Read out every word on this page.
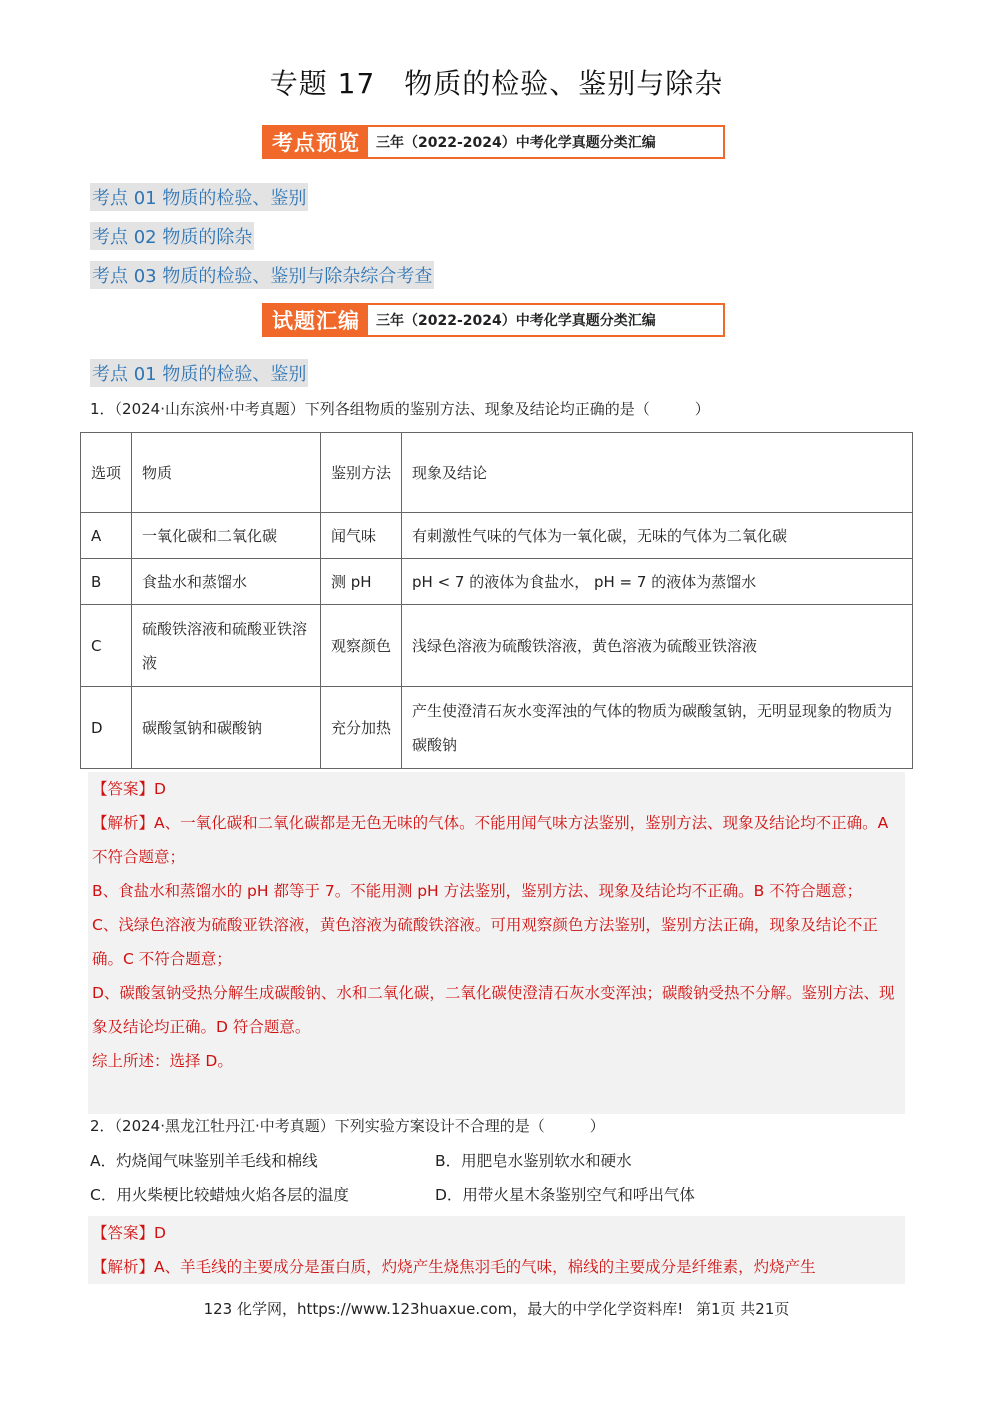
专题 17　物质的检验、鉴别与除杂
考点预览	三年（2022-2024）中考化学真题分类汇编
考点 01 物质的检验、鉴别
考点 02 物质的除杂
考点 03 物质的检验、鉴别与除杂综合考查
试题汇编	三年（2022-2024）中考化学真题分类汇编
考点 01 物质的检验、鉴别
1．（2024·山东滨州·中考真题）下列各组物质的鉴别方法、现象及结论均正确的是（　　　）
选项	物质	鉴别方法	现象及结论
A	一氧化碳和二氧化碳	闻气味	有刺激性气味的气体为一氧化碳，无味的气体为二氧化碳
B	食盐水和蒸馏水	测 pH	pH < 7 的液体为食盐水， pH = 7 的液体为蒸馏水
C	硫酸铁溶液和硫酸亚铁溶液	观察颜色	浅绿色溶液为硫酸铁溶液，黄色溶液为硫酸亚铁溶液
D	碳酸氢钠和碳酸钠	充分加热	产生使澄清石灰水变浑浊的气体的物质为碳酸氢钠，无明显现象的物质为碳酸钠

【答案】D

【解析】A、一氧化碳和二氧化碳都是无色无味的气体。不能用闻气味方法鉴别，鉴别方法、现象及结论均不正确。A 不符合题意；

B、食盐水和蒸馏水的 pH 都等于 7。不能用测 pH 方法鉴别，鉴别方法、现象及结论均不正确。B 不符合题意；

C、浅绿色溶液为硫酸亚铁溶液，黄色溶液为硫酸铁溶液。可用观察颜色方法鉴别，鉴别方法正确，现象及结论不正确。C 不符合题意；

D、碳酸氢钠受热分解生成碳酸钠、水和二氧化碳，二氧化碳使澄清石灰水变浑浊；碳酸钠受热不分解。鉴别方法、现象及结论均正确。D 符合题意。

综上所述：选择 D。

2．（2024·黑龙江牡丹江·中考真题）下列实验方案设计不合理的是（　　　）
A．灼烧闻气味鉴别羊毛线和棉线	B．用肥皂水鉴别软水和硬水
C．用火柴梗比较蜡烛火焰各层的温度	D．用带火星木条鉴别空气和呼出气体

【答案】D

【解析】A、羊毛线的主要成分是蛋白质，灼烧产生烧焦羽毛的气味，棉线的主要成分是纤维素，灼烧产生

123 化学网，https://www.123huaxue.com，最大的中学化学资料库! 第1页 共21页
